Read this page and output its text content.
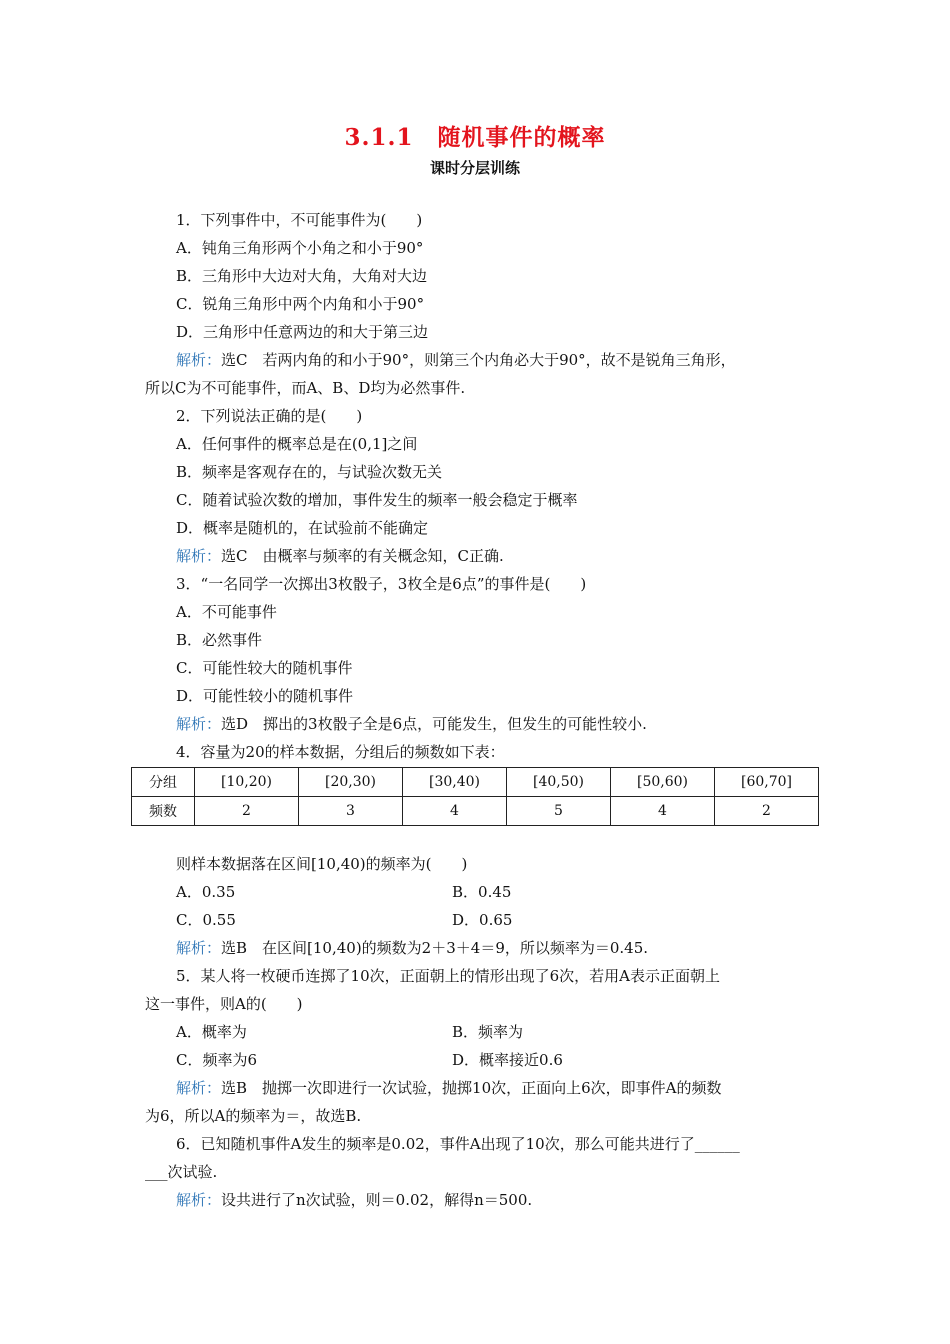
3.1.1　随机事件的概率
课时分层训练
1．下列事件中，不可能事件为(　　)
A．钝角三角形两个小角之和小于90°
B．三角形中大边对大角，大角对大边
C．锐角三角形中两个内角和小于90°
D．三角形中任意两边的和大于第三边
解析：选C　若两内角的和小于90°，则第三个内角必大于90°，故不是锐角三角形，
所以C为不可能事件，而A、B、D均为必然事件.
2．下列说法正确的是(　　)
A．任何事件的概率总是在(0,1]之间
B．频率是客观存在的，与试验次数无关
C．随着试验次数的增加，事件发生的频率一般会稳定于概率
D．概率是随机的，在试验前不能确定
解析：选C　由概率与频率的有关概念知，C正确.
3．“一名同学一次掷出3枚骰子，3枚全是6点”的事件是(　　)
A．不可能事件
B．必然事件
C．可能性较大的随机事件
D．可能性较小的随机事件
解析：选D　掷出的3枚骰子全是6点，可能发生，但发生的可能性较小.
4．容量为20的样本数据，分组后的频数如下表：
分组	[10,20)	[20,30)	[30,40)	[40,50)	[50,60)	[60,70]
频数	2	3	4	5	4	2
则样本数据落在区间[10,40)的频率为(　　)
A．0.35	B．0.45
C．0.55	D．0.65
解析：选B　在区间[10,40)的频数为2＋3＋4＝9，所以频率为＝0.45.
5．某人将一枚硬币连掷了10次，正面朝上的情形出现了6次，若用A表示正面朝上
这一事件，则A的(　　)
A．概率为	B．频率为
C．频率为6	D．概率接近0.6
解析：选B　抛掷一次即进行一次试验，抛掷10次，正面向上6次，即事件A的频数
为6，所以A的频率为＝，故选B.
6．已知随机事件A发生的频率是0.02，事件A出现了10次，那么可能共进行了______
___次试验.
解析：设共进行了n次试验，则＝0.02，解得n＝500.
